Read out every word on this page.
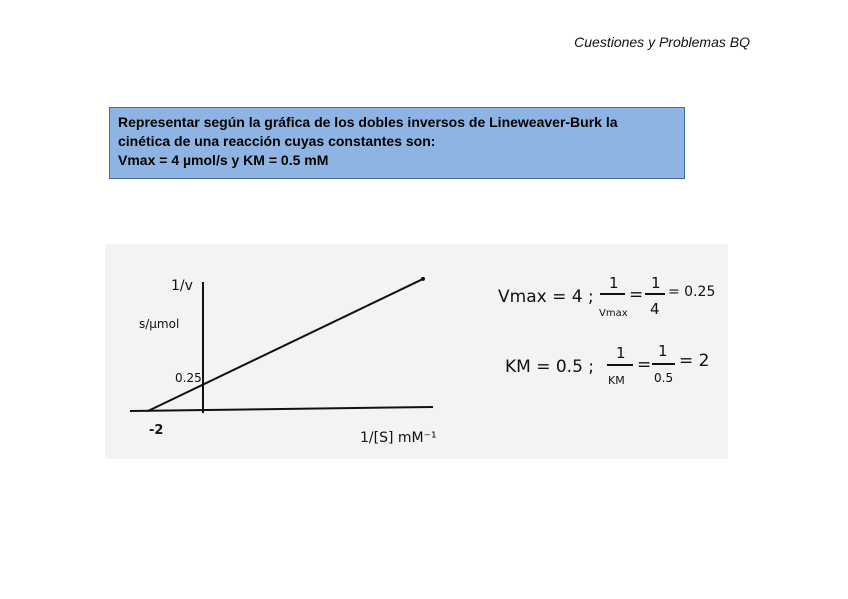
Cuestiones y Problemas BQ
Representar según la gráfica de los dobles inversos de Lineweaver-Burk la
cinética de una reacción cuyas constantes son:
Vmax = 4 µmol/s y KM = 0.5 mM
1/v
s/µmol
0.25
-2	1/[S] mM⁻¹
Vmax = 4 ;
1
Vmax
=
1
4
= 0.25
KM = 0.5 ;
1
KM
=
1
0.5
= 2
